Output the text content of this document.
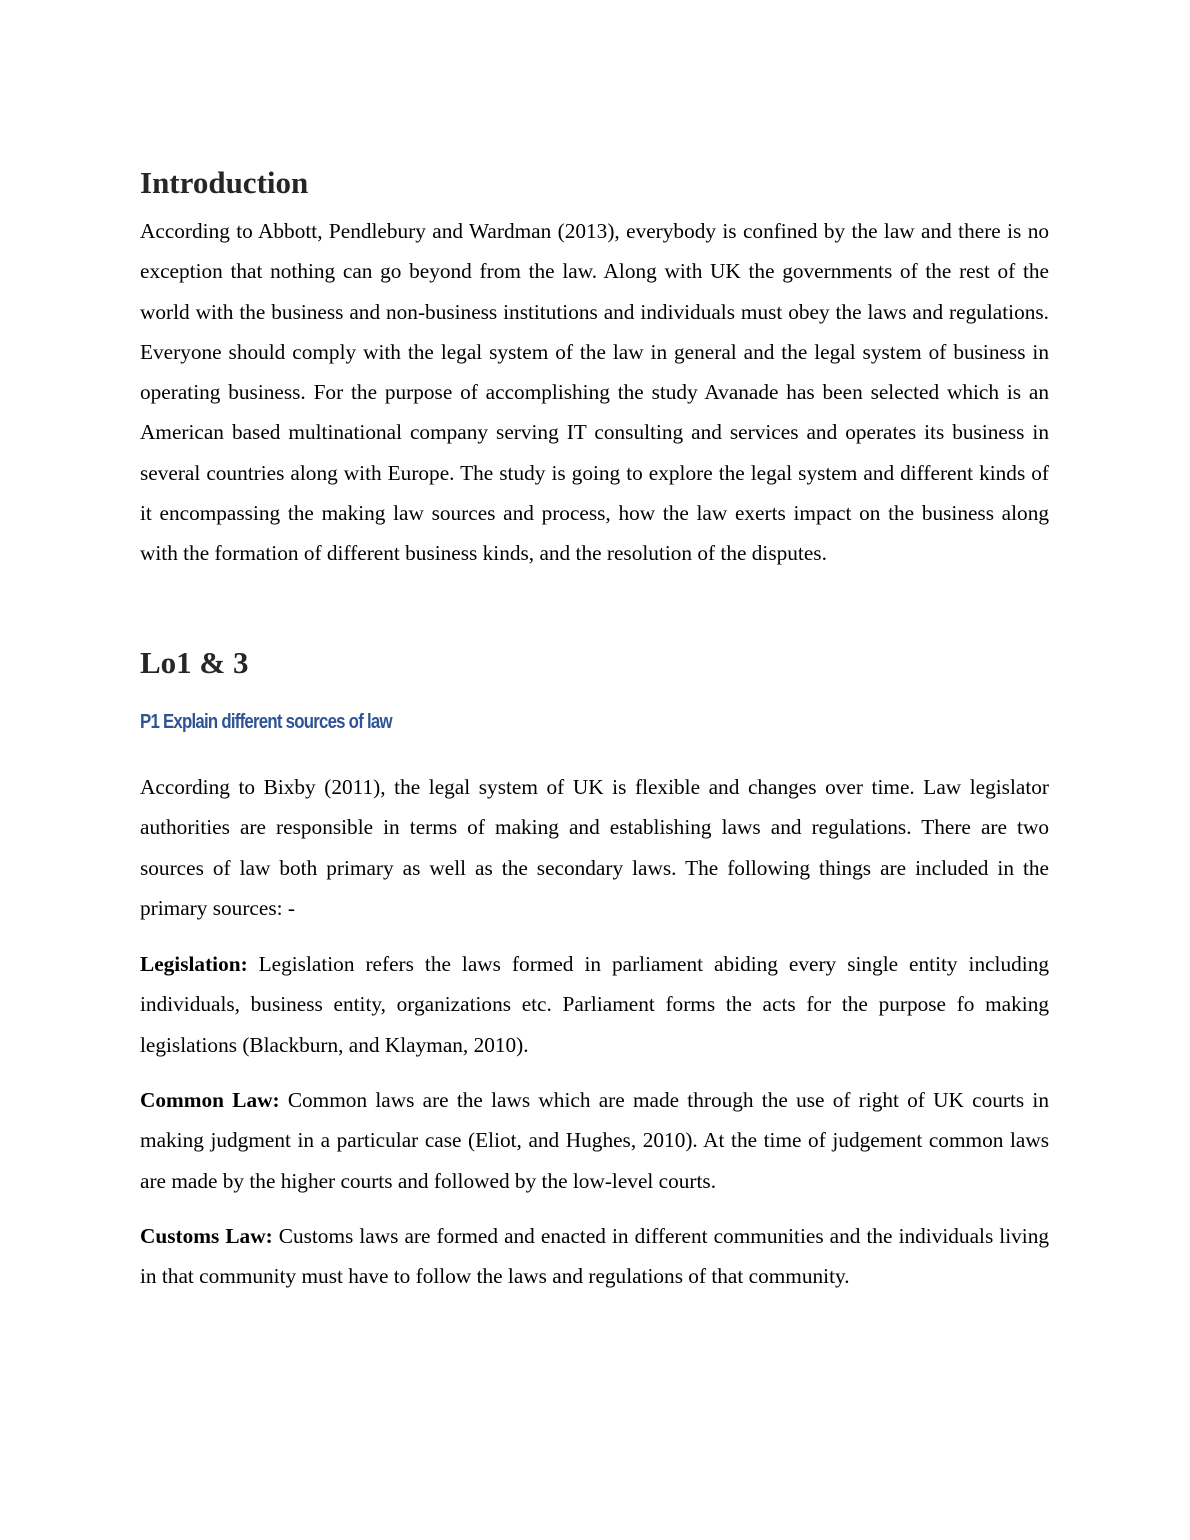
Introduction

According to Abbott, Pendlebury and Wardman (2013), everybody is confined by the law and there is no exception that nothing can go beyond from the law. Along with UK the governments of the rest of the world with the business and non-business institutions and individuals must obey the laws and regulations. Everyone should comply with the legal system of the law in general and the legal system of business in operating business. For the purpose of accomplishing the study Avanade has been selected which is an American based multinational company serving IT consulting and services and operates its business in several countries along with Europe. The study is going to explore the legal system and different kinds of it encompassing the making law sources and process, how the law exerts impact on the business along with the formation of different business kinds, and the resolution of the disputes.

Lo1 & 3
P1 Explain different sources of law

According to Bixby (2011), the legal system of UK is flexible and changes over time. Law legislator authorities are responsible in terms of making and establishing laws and regulations. There are two sources of law both primary as well as the secondary laws. The following things are included in the primary sources: -

Legislation: Legislation refers the laws formed in parliament abiding every single entity including individuals, business entity, organizations etc. Parliament forms the acts for the purpose fo making legislations (Blackburn, and Klayman, 2010).

Common Law: Common laws are the laws which are made through the use of right of UK courts in making judgment in a particular case (Eliot, and Hughes, 2010). At the time of judgement common laws are made by the higher courts and followed by the low-level courts.

Customs Law: Customs laws are formed and enacted in different communities and the individuals living in that community must have to follow the laws and regulations of that community.
